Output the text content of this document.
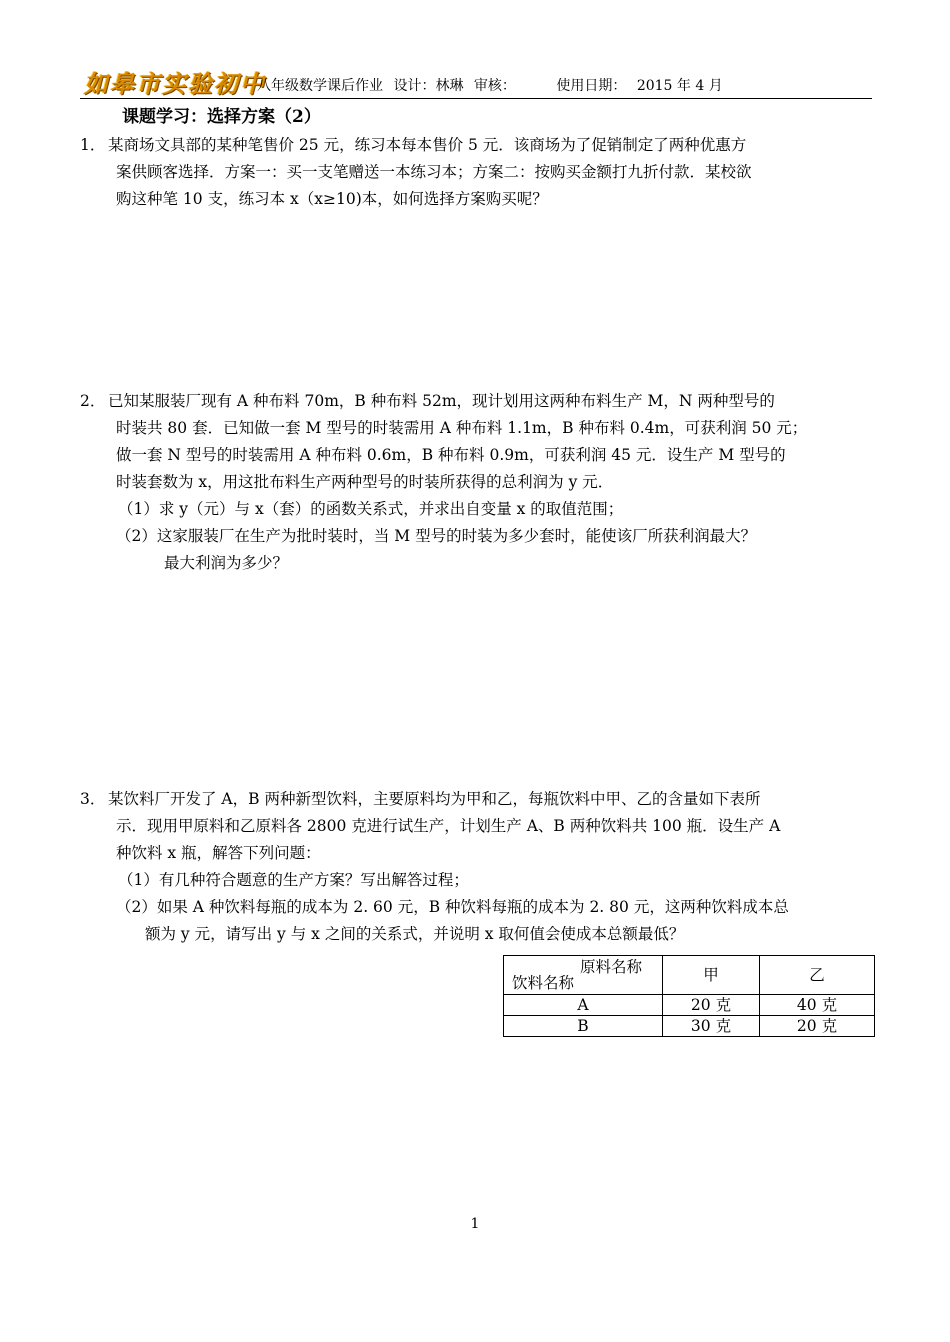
如皋市实验初中
八年级数学课后作业 设计：林琳 审核：	使用日期： 2015 年 4 月
课题学习：选择方案（2）
1． 某商场文具部的某种笔售价 25 元，练习本每本售价 5 元．该商场为了促销制定了两种优惠方
案供顾客选择．方案一：买一支笔赠送一本练习本；方案二：按购买金额打九折付款．某校欲
购这种笔 10 支，练习本 x（x≥10)本，如何选择方案购买呢？
2． 已知某服装厂现有 A 种布料 70m，B 种布料 52m，现计划用这两种布料生产 M，N 两种型号的
时装共 80 套．已知做一套 M 型号的时装需用 A 种布料 1.1m，B 种布料 0.4m，可获利润 50 元；
做一套 N 型号的时装需用 A 种布料 0.6m，B 种布料 0.9m，可获利润 45 元．设生产 M 型号的
时装套数为 x，用这批布料生产两种型号的时装所获得的总利润为 y 元．
（1）求 y（元）与 x（套）的函数关系式，并求出自变量 x 的取值范围；
（2）这家服装厂在生产为批时装时，当 M 型号的时装为多少套时，能使该厂所获利润最大？
最大利润为多少？
3． 某饮料厂开发了 A，B 两种新型饮料，主要原料均为甲和乙，每瓶饮料中甲、乙的含量如下表所
示．现用甲原料和乙原料各 2800 克进行试生产，计划生产 A、B 两种饮料共 100 瓶．设生产 A
种饮料 x 瓶，解答下列问题：
（1）有几种符合题意的生产方案？写出解答过程；
（2）如果 A 种饮料每瓶的成本为 2. 60 元，B 种饮料每瓶的成本为 2. 80 元，这两种饮料成本总
额为 y 元，请写出 y 与 x 之间的关系式，并说明 x 取何值会使成本总额最低？
原料名称
饮料名称	甲	乙
A	20 克	40 克
B	30 克	20 克
1
